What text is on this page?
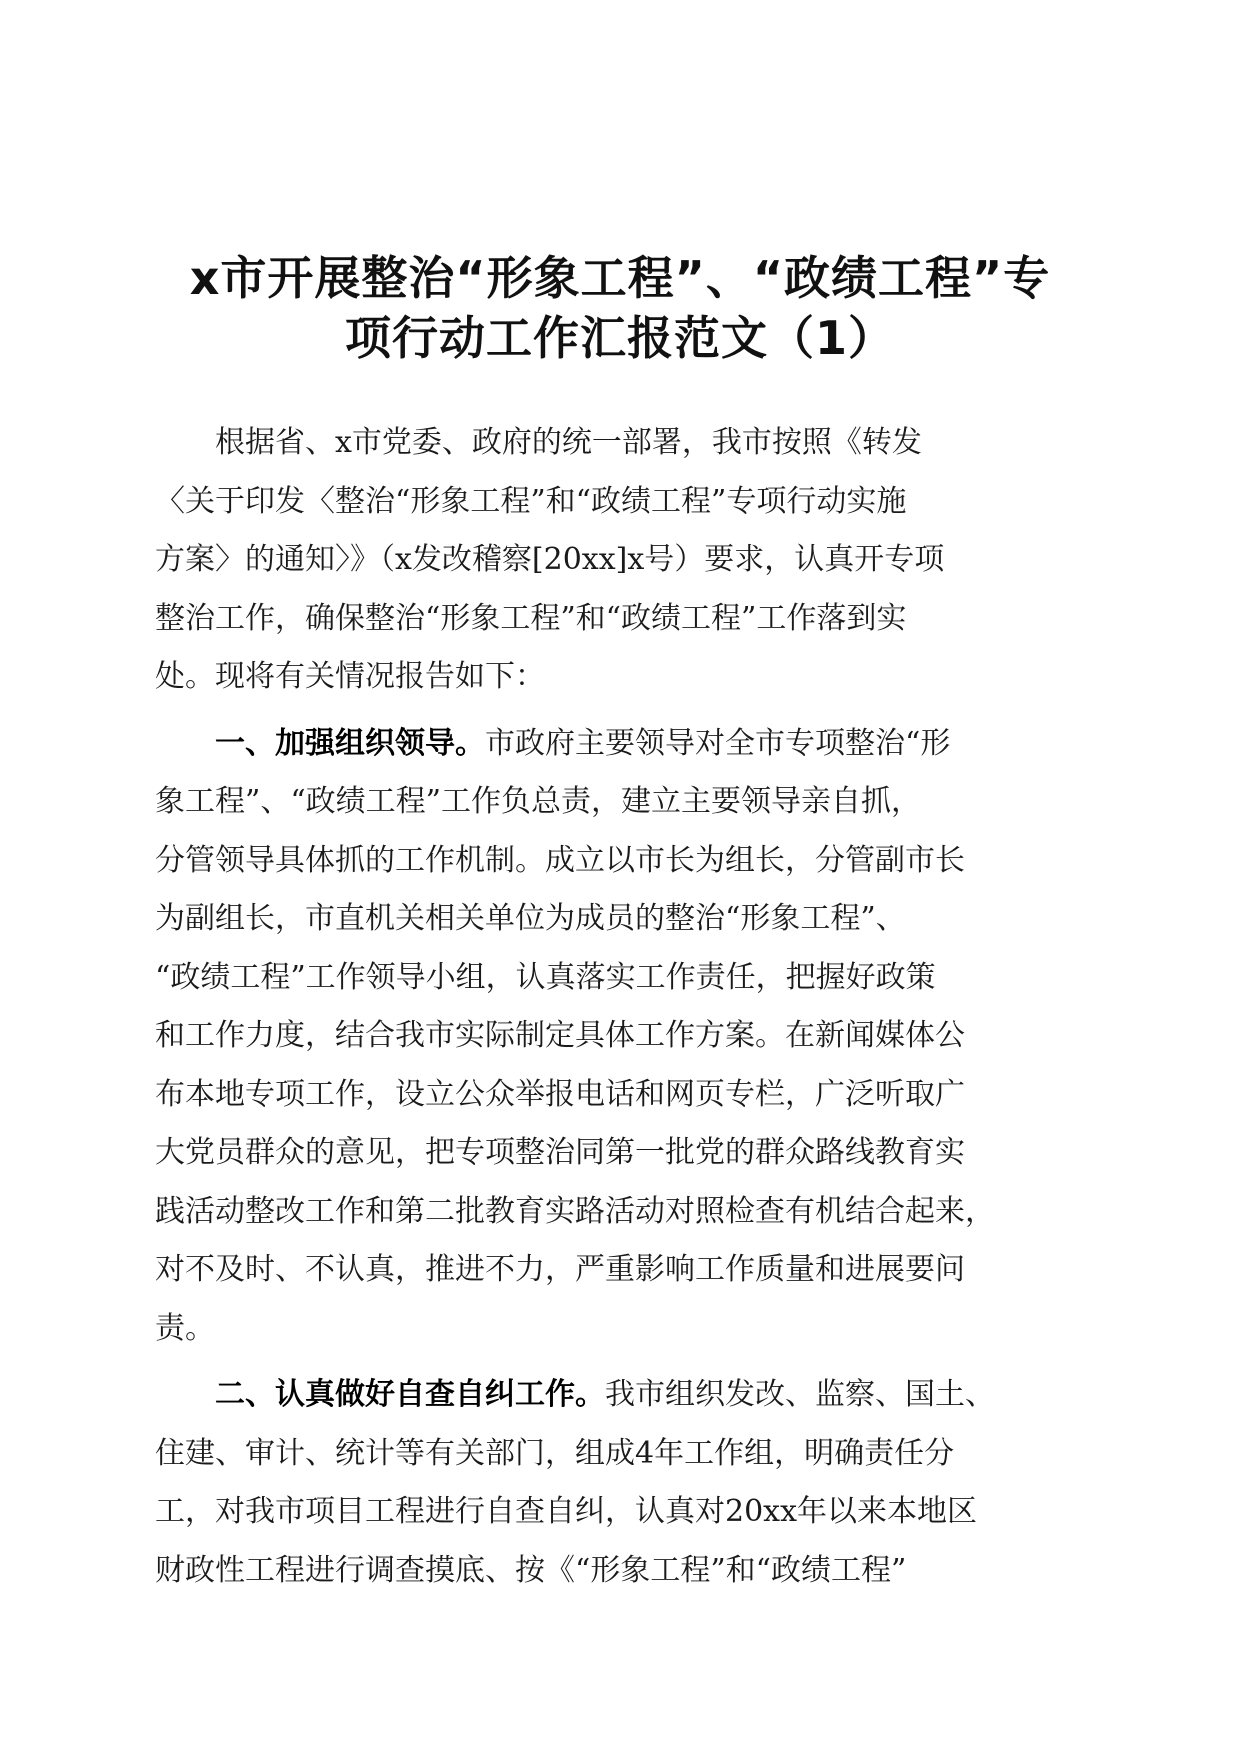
x市开展整治“形象工程”、“政绩工程”专
项行动工作汇报范文（1）
根据省、x市党委、政府的统一部署，我市按照《转发
〈关于印发〈整治“形象工程”和“政绩工程”专项行动实施
方案〉的通知〉》（x发改稽察[20xx]x号）要求，认真开专项
整治工作，确保整治“形象工程”和“政绩工程”工作落到实
处。现将有关情况报告如下：
一、加强组织领导。市政府主要领导对全市专项整治“形
象工程”、“政绩工程”工作负总责，建立主要领导亲自抓，
分管领导具体抓的工作机制。成立以市长为组长，分管副市长
为副组长，市直机关相关单位为成员的整治“形象工程”、
“政绩工程”工作领导小组，认真落实工作责任，把握好政策
和工作力度，结合我市实际制定具体工作方案。在新闻媒体公
布本地专项工作，设立公众举报电话和网页专栏，广泛听取广
大党员群众的意见，把专项整治同第一批党的群众路线教育实
践活动整改工作和第二批教育实路活动对照检查有机结合起来，
对不及时、不认真，推进不力，严重影响工作质量和进展要问
责。
二、认真做好自查自纠工作。我市组织发改、监察、国土、
住建、审计、统计等有关部门，组成4年工作组，明确责任分
工，对我市项目工程进行自查自纠，认真对20xx年以来本地区
财政性工程进行调查摸底、按《“形象工程”和“政绩工程”
